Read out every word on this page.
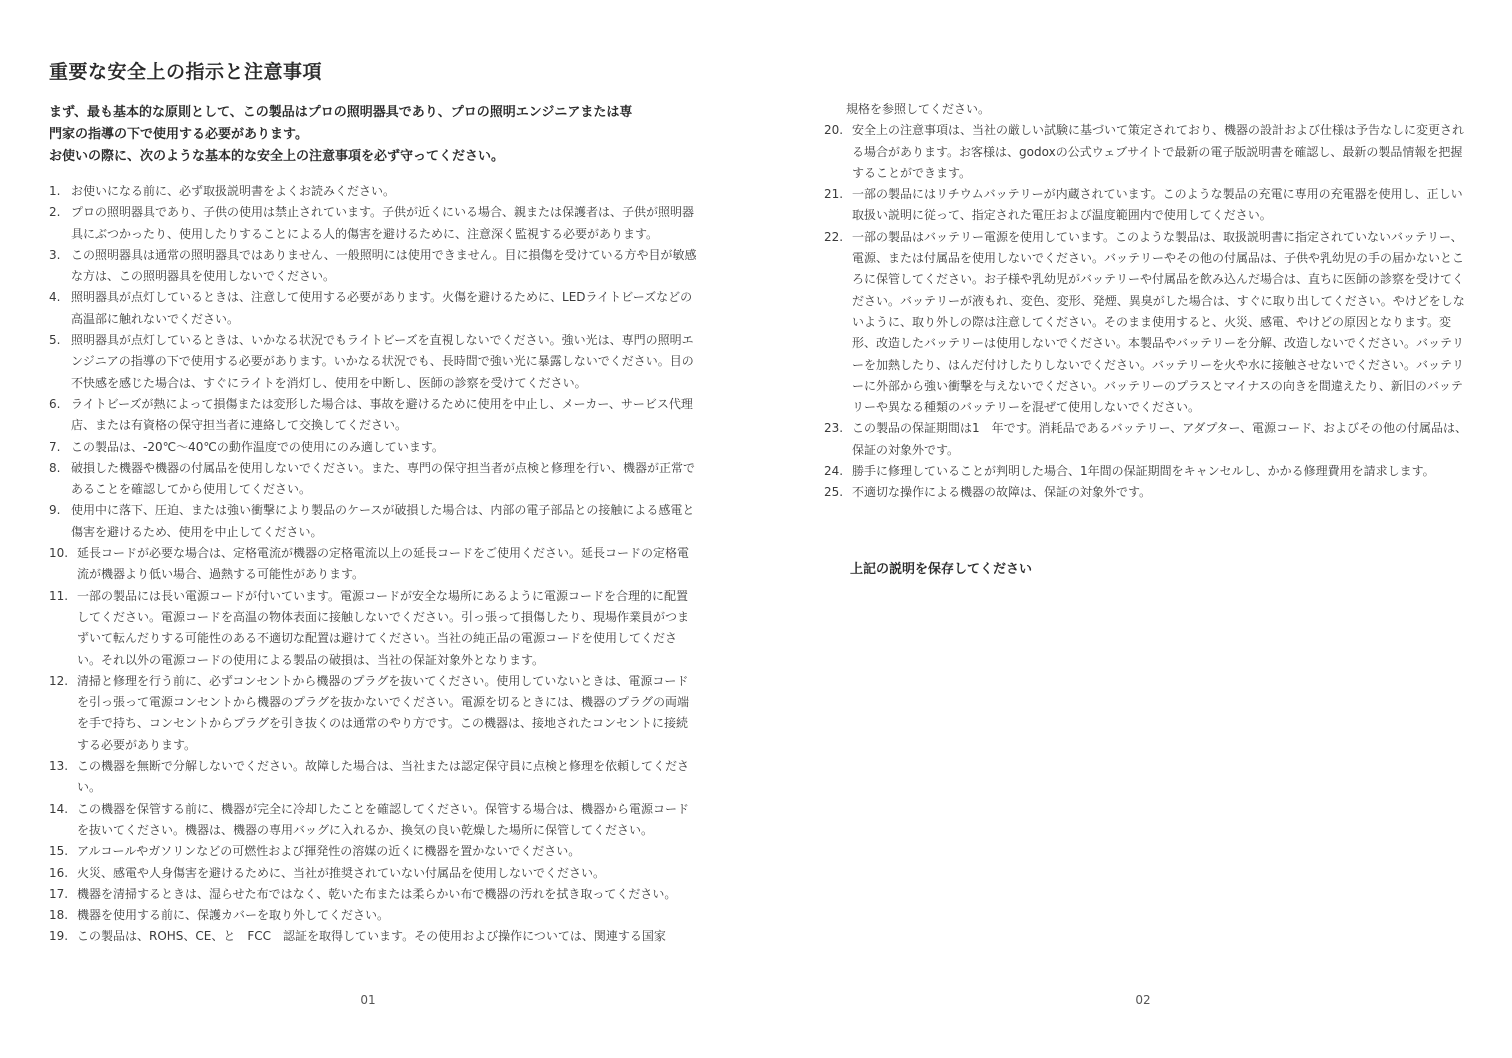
重要な安全上の指示と注意事項
まず、最も基本的な原則として、この製品はプロの照明器具であり、プロの照明エンジニアまたは専
門家の指導の下で使用する必要があります。
お使いの際に、次のような基本的な安全上の注意事項を必ず守ってください。
1. お使いになる前に、必ず取扱説明書をよくお読みください。
2. プロの照明器具であり、子供の使用は禁止されています。子供が近くにいる場合、親または保護者は、子供が照明器具にぶつかったり、使用したりすることによる人的傷害を避けるために、注意深く監視する必要があります。
3. この照明器具は通常の照明器具ではありません、一般照明には使用できません。目に損傷を受けている方や目が敏感な方は、この照明器具を使用しないでください。
4. 照明器具が点灯しているときは、注意して使用する必要があります。火傷を避けるために、LEDライトビーズなどの高温部に触れないでください。
5. 照明器具が点灯しているときは、いかなる状況でもライトビーズを直視しないでください。強い光は、専門の照明エンジニアの指導の下で使用する必要があります。いかなる状況でも、長時間で強い光に暴露しないでください。目の不快感を感じた場合は、すぐにライトを消灯し、使用を中断し、医師の診察を受けてください。
6. ライトビーズが熱によって損傷または変形した場合は、事故を避けるために使用を中止し、メーカー、サービス代理店、または有資格の保守担当者に連絡して交換してください。
7. この製品は、-20℃～40℃の動作温度での使用にのみ適しています。
8. 破損した機器や機器の付属品を使用しないでください。また、専門の保守担当者が点検と修理を行い、機器が正常であることを確認してから使用してください。
9. 使用中に落下、圧迫、または強い衝撃により製品のケースが破損した場合は、内部の電子部品との接触による感電と傷害を避けるため、使用を中止してください。
10. 延長コードが必要な場合は、定格電流が機器の定格電流以上の延長コードをご使用ください。延長コードの定格電流が機器より低い場合、過熱する可能性があります。
11. 一部の製品には長い電源コードが付いています。電源コードが安全な場所にあるように電源コードを合理的に配置してください。電源コードを高温の物体表面に接触しないでください。引っ張って損傷したり、現場作業員がつまずいて転んだりする可能性のある不適切な配置は避けてください。当社の純正品の電源コードを使用してください。それ以外の電源コードの使用による製品の破損は、当社の保証対象外となります。
12. 清掃と修理を行う前に、必ずコンセントから機器のプラグを抜いてください。使用していないときは、電源コードを引っ張って電源コンセントから機器のプラグを抜かないでください。電源を切るときには、機器のプラグの両端を手で持ち、コンセントからプラグを引き抜くのは通常のやり方です。この機器は、接地されたコンセントに接続する必要があります。
13. この機器を無断で分解しないでください。故障した場合は、当社または認定保守員に点検と修理を依頼してください。
14. この機器を保管する前に、機器が完全に冷却したことを確認してください。保管する場合は、機器から電源コードを抜いてください。機器は、機器の専用バッグに入れるか、換気の良い乾燥した場所に保管してください。
15. アルコールやガソリンなどの可燃性および揮発性の溶媒の近くに機器を置かないでください。
16. 火災、感電や人身傷害を避けるために、当社が推奨されていない付属品を使用しないでください。
17. 機器を清掃するときは、湿らせた布ではなく、乾いた布または柔らかい布で機器の汚れを拭き取ってください。
18. 機器を使用する前に、保護カバーを取り外してください。
19. この製品は、ROHS、CE、と　FCC　認証を取得しています。その使用および操作については、関連する国家
01
規格を参照してください。
20. 安全上の注意事項は、当社の厳しい試験に基づいて策定されており、機器の設計および仕様は予告なしに変更される場合があります。お客様は、godoxの公式ウェブサイトで最新の電子版説明書を確認し、最新の製品情報を把握することができます。
21. 一部の製品にはリチウムバッテリーが内蔵されています。このような製品の充電に専用の充電器を使用し、正しい取扱い説明に従って、指定された電圧および温度範囲内で使用してください。
22. 一部の製品はバッテリー電源を使用しています。このような製品は、取扱説明書に指定されていないバッテリー、電源、または付属品を使用しないでください。バッテリーやその他の付属品は、子供や乳幼児の手の届かないところに保管してください。お子様や乳幼児がバッテリーや付属品を飲み込んだ場合は、直ちに医師の診察を受けてください。バッテリーが液もれ、変色、変形、発煙、異臭がした場合は、すぐに取り出してください。やけどをしないように、取り外しの際は注意してください。そのまま使用すると、火災、感電、やけどの原因となります。変形、改造したバッテリーは使用しないでください。本製品やバッテリーを分解、改造しないでください。バッテリーを加熱したり、はんだ付けしたりしないでください。バッテリーを火や水に接触させないでください。バッテリーに外部から強い衝撃を与えないでください。バッテリーのプラスとマイナスの向きを間違えたり、新旧のバッテリーや異なる種類のバッテリーを混ぜて使用しないでください。
23. この製品の保証期間は1　年です。消耗品であるバッテリー、アダプター、電源コード、およびその他の付属品は、保証の対象外です。
24. 勝手に修理していることが判明した場合、1年間の保証期間をキャンセルし、かかる修理費用を請求します。
25. 不適切な操作による機器の故障は、保証の対象外です。
上記の説明を保存してください
02
